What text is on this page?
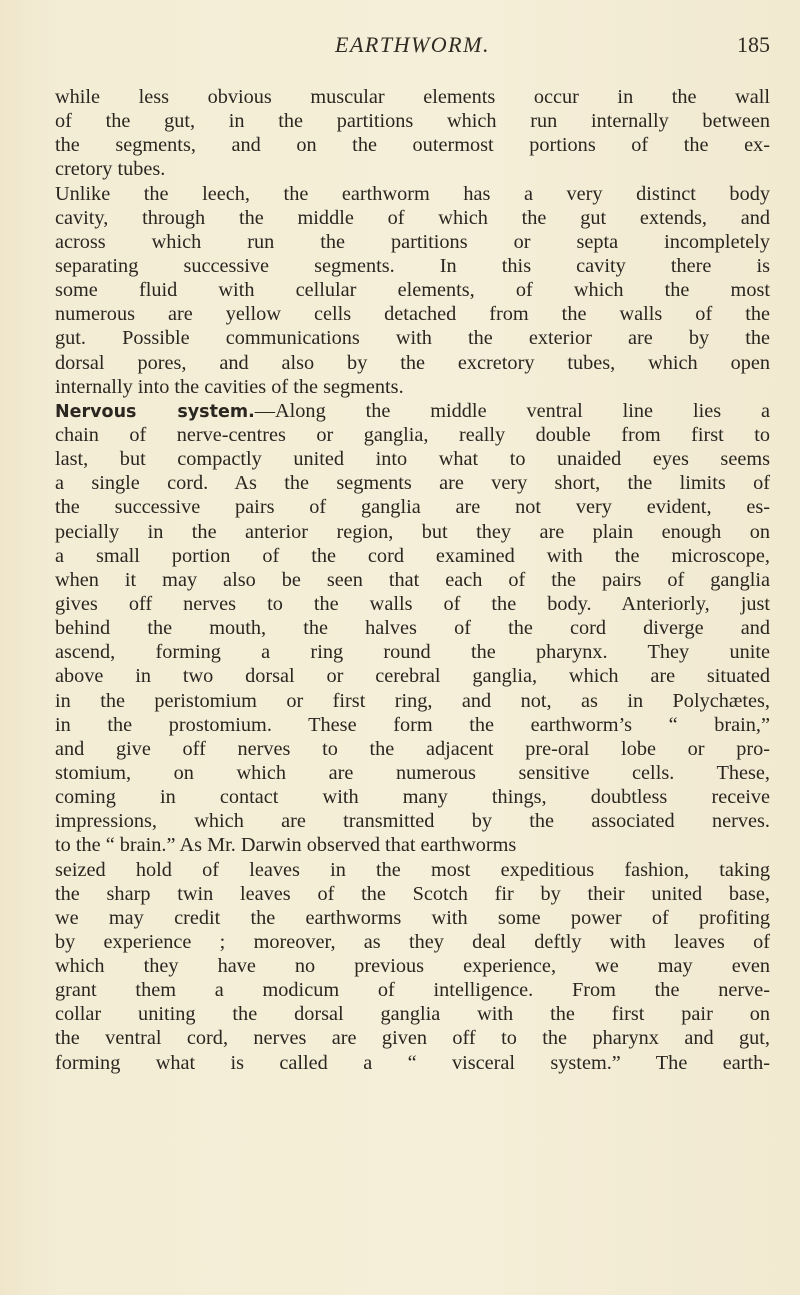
EARTHWORM.	185
while less obvious muscular elements occur in the wall
of the gut, in the partitions which run internally between
the segments, and on the outermost portions of the ex-
cretory tubes.
Unlike the leech, the earthworm has a very distinct body
cavity, through the middle of which the gut extends, and
across which run the partitions or septa incompletely
separating successive segments. In this cavity there is
some fluid with cellular elements, of which the most
numerous are yellow cells detached from the walls of the
gut. Possible communications with the exterior are by the
dorsal pores, and also by the excretory tubes, which open
internally into the cavities of the segments.
Nervous system.—Along the middle ventral line lies a
chain of nerve-centres or ganglia, really double from first to
last, but compactly united into what to unaided eyes seems
a single cord. As the segments are very short, the limits of
the successive pairs of ganglia are not very evident, es-
pecially in the anterior region, but they are plain enough on
a small portion of the cord examined with the microscope,
when it may also be seen that each of the pairs of ganglia
gives off nerves to the walls of the body. Anteriorly, just
behind the mouth, the halves of the cord diverge and
ascend, forming a ring round the pharynx. They unite
above in two dorsal or cerebral ganglia, which are situated
in the peristomium or first ring, and not, as in Polychætes,
in the prostomium. These form the earthworm’s “ brain,”
and give off nerves to the adjacent pre-oral lobe or pro-
stomium, on which are numerous sensitive cells. These,
coming in contact with many things, doubtless receive
impressions, which are transmitted by the associated nerves.
to the “ brain.” As Mr. Darwin observed that earthworms
seized hold of leaves in the most expeditious fashion, taking
the sharp twin leaves of the Scotch fir by their united base,
we may credit the earthworms with some power of profiting
by experience ; moreover, as they deal deftly with leaves of
which they have no previous experience, we may even
grant them a modicum of intelligence. From the nerve-
collar uniting the dorsal ganglia with the first pair on
the ventral cord, nerves are given off to the pharynx and gut,
forming what is called a “ visceral system.” The earth-
